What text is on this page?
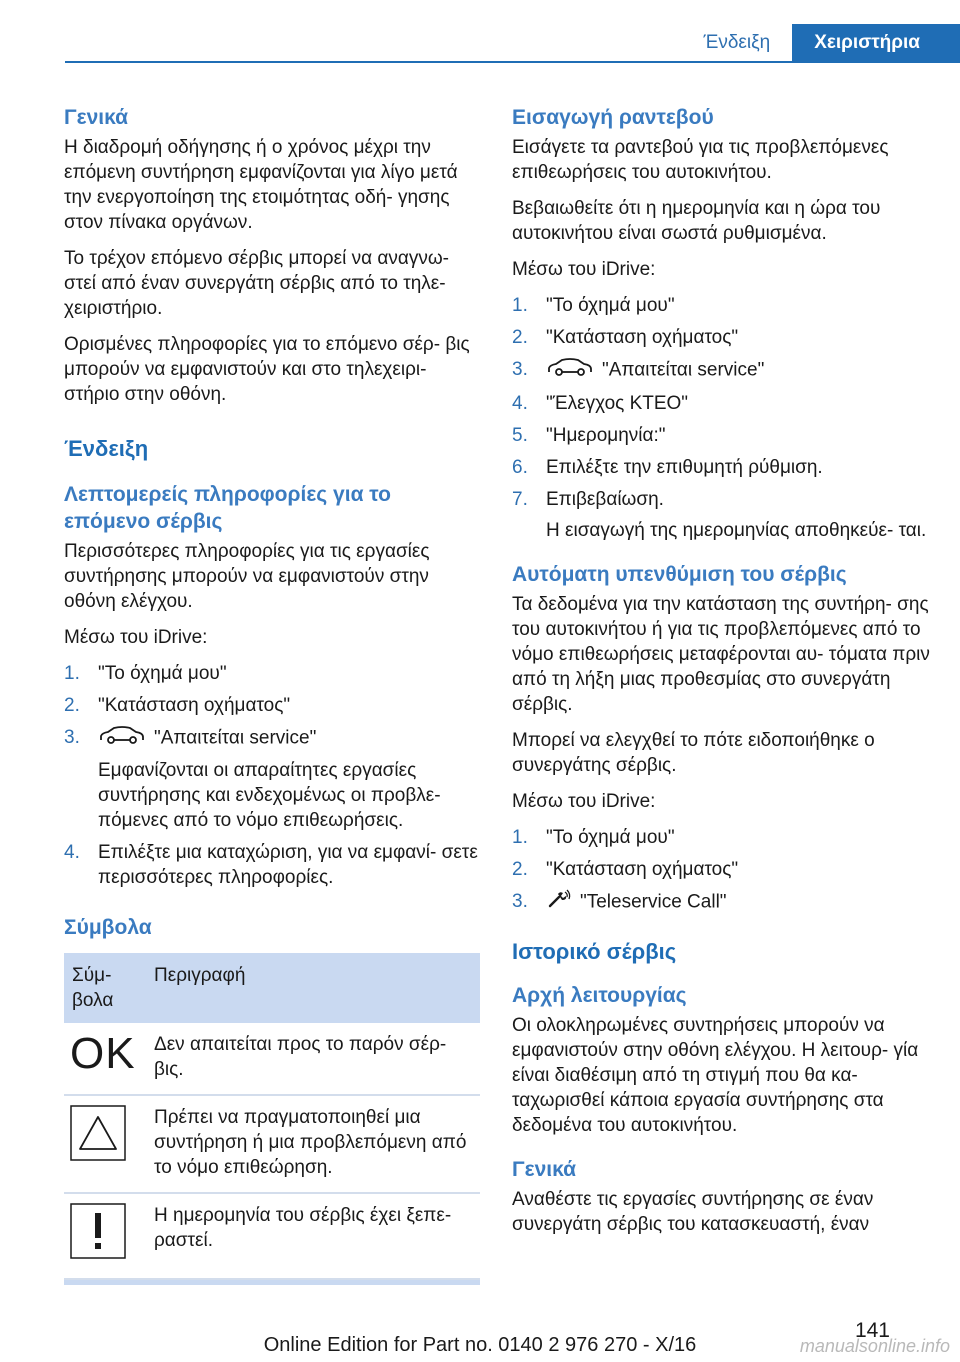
Ένδειξη	Χειριστήρια
Γενικά

Η διαδρομή οδήγησης ή ο χρόνος μέχρι την επόμενη συντήρηση εμφανίζονται για λίγο μετά την ενεργοποίηση της ετοιμότητας οδή- γησης στον πίνακα οργάνων.

Το τρέχον επόμενο σέρβις μπορεί να αναγνω- στεί από έναν συνεργάτη σέρβις από το τηλε- χειριστήριο.

Ορισμένες πληροφορίες για το επόμενο σέρ- βις μπορούν να εμφανιστούν και στο τηλεχειρι- στήριο στην οθόνη.

Ένδειξη
Λεπτομερείς πληροφορίες για το επόμενο σέρβις

Περισσότερες πληροφορίες για τις εργασίες συντήρησης μπορούν να εμφανιστούν στην οθόνη ελέγχου.

Μέσω του iDrive:

1. "Το όχημά μου"
2. "Κατάσταση οχήματος"
3.	"Απαιτείται service"
Εμφανίζονται οι απαραίτητες εργασίες συντήρησης και ενδεχομένως οι προβλε- πόμενες από το νόμο επιθεωρήσεις.
4. Επιλέξτε μια καταχώριση, για να εμφανί- σετε περισσότερες πληροφορίες.
Σύμβολα
Σύμ- βολα	Περιγραφή
OK	Δεν απαιτείται προς το παρόν σέρ- βις.
	Πρέπει να πραγματοποιηθεί μια συντήρηση ή μια προβλεπόμενη από το νόμο επιθεώρηση.
	Η ημερομηνία του σέρβις έχει ξεπε- ραστεί.
Εισαγωγή ραντεβού

Εισάγετε τα ραντεβού για τις προβλεπόμενες επιθεωρήσεις του αυτοκινήτου.

Βεβαιωθείτε ότι η ημερομηνία και η ώρα του αυτοκινήτου είναι σωστά ρυθμισμένα.

Μέσω του iDrive:

1. "Το όχημά μου"
2. "Κατάσταση οχήματος"
3.	"Απαιτείται service"
4. "Έλεγχος ΚΤΕΟ"
5. "Ημερομηνία:"
6. Επιλέξτε την επιθυμητή ρύθμιση.
7. Επιβεβαίωση.
Η εισαγωγή της ημερομηνίας αποθηκεύε- ται.
Αυτόματη υπενθύμιση του σέρβις

Τα δεδομένα για την κατάσταση της συντήρη- σης του αυτοκινήτου ή για τις προβλεπόμενες από το νόμο επιθεωρήσεις μεταφέρονται αυ- τόματα πριν από τη λήξη μιας προθεσμίας στο συνεργάτη σέρβις.

Μπορεί να ελεγχθεί το πότε ειδοποιήθηκε ο συνεργάτης σέρβις.

Μέσω του iDrive:

1. "Το όχημά μου"
2. "Κατάσταση οχήματος"
3.	"Teleservice Call"
Ιστορικό σέρβις
Αρχή λειτουργίας

Οι ολοκληρωμένες συντηρήσεις μπορούν να εμφανιστούν στην οθόνη ελέγχου. Η λειτουρ- γία είναι διαθέσιμη από τη στιγμή που θα κα- ταχωρισθεί κάποια εργασία συντήρησης στα δεδομένα του αυτοκινήτου.

Γενικά

Αναθέστε τις εργασίες συντήρησης σε έναν συνεργάτη σέρβις του κατασκευαστή, έναν

141
Online Edition for Part no. 0140 2 976 270 - X/16	manualsonline.info
